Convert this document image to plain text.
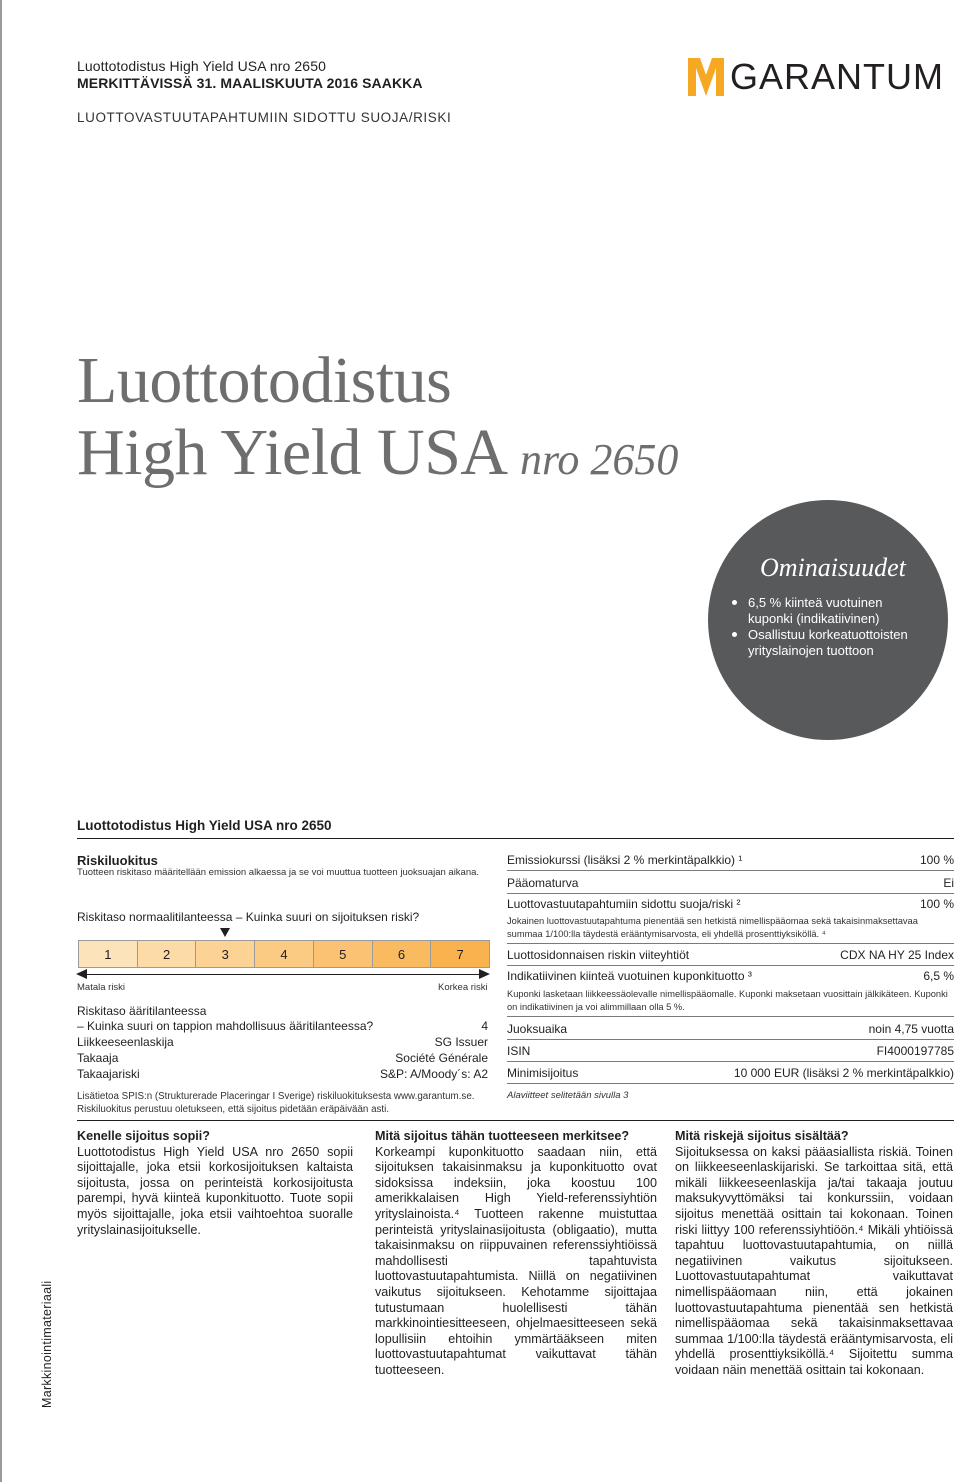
Luottotodistus High Yield USA nro 2650
MERKITTÄVISSÄ 31. MAALISKUUTA 2016 SAAKKA
LUOTTOVASTUUTAPAHTUMIIN SIDOTTU SUOJA/RISKI
GARANTUM
Luottotodistus
High Yield USA nro 2650
Ominaisuudet
6,5 % kiinteä vuotuinen kuponki (indikatiivinen)
Osallistuu korkeatuottoisten yrityslainojen tuottoon
Luottotodistus High Yield USA nro 2650
Riskiluokitus
Tuotteen riskitaso määritellään emission alkaessa ja se voi muuttua tuotteen juoksuajan aikana.
Riskitaso normaalitilanteessa – Kuinka suuri on sijoituksen riski?
1	2	3	4	5	6	7
Matala riski	Korkea riski
Riskitaso ääritilanteessa
– Kuinka suuri on tappion mahdollisuus ääritilanteessa?	4
Liikkeeseenlaskija	SG Issuer
Takaaja	Société Générale
Takaajariski	S&P: A/Moody´s: A2
Lisätietoa SPIS:n (Strukturerade Placeringar I Sverige) riskiluokituksesta www.garantum.se. Riskiluokitus perustuu oletukseen, että sijoitus pidetään eräpäivään asti.
Emissiokurssi (lisäksi 2 % merkintäpalkkio) ¹	100 %
Pääomaturva	Ei
Luottovastuutapahtumiin sidottu suoja/riski ²	100 %
Jokainen luottovastuutapahtuma pienentää sen hetkistä nimellispääomaa sekä takaisinmaksettavaa summaa 1/100:lla täydestä erääntymisarvosta, eli yhdellä prosenttiyksiköllä. ⁴
Luottosidonnaisen riskin viiteyhtiöt	CDX NA HY 25 Index
Indikatiivinen kiinteä vuotuinen kuponkituotto ³	6,5 %
Kuponki lasketaan liikkeessäolevalle nimellispääomalle. Kuponki maksetaan vuosittain jälkikäteen. Kuponki on indikatiivinen ja voi alimmillaan olla 5 %.
Juoksuaika	noin 4,75 vuotta
ISIN	FI4000197785
Minimisijoitus	10 000 EUR (lisäksi 2 % merkintäpalkkio)
Alaviitteet selitetään sivulla 3
Kenelle sijoitus sopii?
Luottotodistus High Yield USA nro 2650 sopii sijoittajalle, joka etsii korkosijoituksen kaltaista sijoitusta, jossa on perinteistä korkosijoitusta parempi, hyvä kiinteä kuponkituotto. Tuote sopii myös sijoittajalle, joka etsii vaihtoehtoa suoralle yrityslainasijoitukselle.
Mitä sijoitus tähän tuotteeseen merkitsee?
Korkeampi kuponkituotto saadaan niin, että sijoituksen takaisinmaksu ja kuponkituotto ovat sidoksissa indeksiin, joka koostuu 100 amerikkalaisen High Yield-referenssiyhtiön yrityslainoista.⁴ Tuotteen rakenne muistuttaa perinteistä yrityslainasijoitusta (obligaatio), mutta takaisinmaksu on riippuvainen referenssiyhtiöissä mahdollisesti tapahtuvista luottovastuutapahtumista. Niillä on negatiivinen vaikutus sijoitukseen. Kehotamme sijoittajaa tutustumaan huolellisesti tähän markkinointiesitteeseen, ohjelmaesitteeseen sekä lopullisiin ehtoihin ymmärtääkseen miten luottovastuutapahtumat vaikuttavat tähän tuotteeseen.
Mitä riskejä sijoitus sisältää?
Sijoituksessa on kaksi pääasiallista riskiä. Toinen on liikkeeseenlaskijariski. Se tarkoittaa sitä, että mikäli liikkeeseenlaskija ja/tai takaaja joutuu maksukyvyttömäksi tai konkurssiin, voidaan sijoitus menettää osittain tai kokonaan. Toinen riski liittyy 100 referenssiyhtiöön.⁴ Mikäli yhtiöissä tapahtuu luottovastuutapahtumia, on niillä negatiivinen vaikutus sijoitukseen. Luottovastuutapahtumat vaikuttavat nimellispääomaan niin, että jokainen luottovastuutapahtuma pienentää sen hetkistä nimellispääomaa sekä takaisinmaksettavaa summaa 1/100:lla täydestä erääntymisarvosta, eli yhdellä prosenttiyksiköllä.⁴ Sijoitettu summa voidaan näin menettää osittain tai kokonaan.
Markkinointimateriaali
